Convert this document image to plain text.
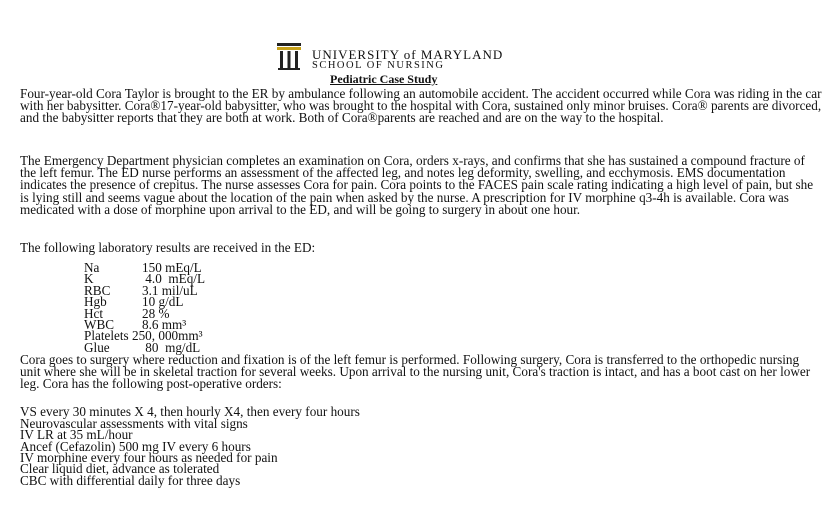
UNIVERSITY of MARYLAND
SCHOOL OF NURSING
Pediatric Case Study

Four-year-old Cora Taylor is brought to the ER by ambulance following an automobile accident. The accident occurred while Cora was riding in the car with her babysitter. Cora®17-year-old babysitter, who was brought to the hospital with Cora, sustained only minor bruises. Cora® parents are divorced, and the babysitter reports that they are both at work. Both of Cora®parents are reached and are on the way to the hospital.

The Emergency Department physician completes an examination on Cora, orders x-rays, and confirms that she has sustained a compound fracture of the left femur. The ED nurse performs an assessment of the affected leg, and notes leg deformity, swelling, and ecchymosis. EMS documentation indicates the presence of crepitus. The nurse assesses Cora for pain. Cora points to the FACES pain scale rating indicating a high level of pain, but she is lying still and seems vague about the location of the pain when asked by the nurse. A prescription for IV morphine q3-4h is available. Cora was medicated with a dose of morphine upon arrival to the ED, and will be going to surgery in about one hour.

The following laboratory results are received in the ED:

Na	150 mEq/L
K	4.0  mEq/L
RBC 3.1 mil/uL
Hgb	10 g/dL
Hct	28 %
WBC 8.6 mm³
Platelets 250, 000mm³
Glue 80  mg/dL

Cora goes to surgery where reduction and fixation is of the left femur is performed. Following surgery, Cora is transferred to the orthopedic nursing unit where she will be in skeletal traction for several weeks. Upon arrival to the nursing unit, Cora's traction is intact, and has a boot cast on her lower leg. Cora has the following post-operative orders:

VS every 30 minutes X 4, then hourly X4, then every four hours
Neurovascular assessments with vital signs
IV LR at 35 mL/hour
Ancef (Cefazolin) 500 mg IV every 6 hours
IV morphine every four hours as needed for pain
Clear liquid diet, advance as tolerated
CBC with differential daily for three days
